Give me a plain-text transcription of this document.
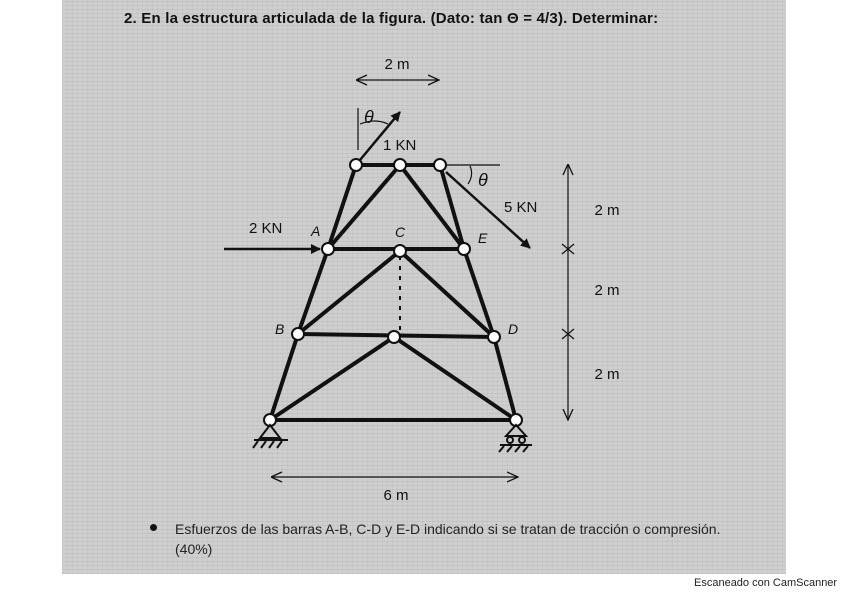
2. En la estructura articulada de la figura. (Dato: tan Θ = 4/3). Determinar:
2 m
6 m
2 m
2 m
2 m
1 KN
5 KN
2 KN
θ
θ
A	C	E
B	D
Esfuerzos de las barras A-B, C-D y E-D indicando si se tratan de tracción o compresión. (40%)
Escaneado con CamScanner
